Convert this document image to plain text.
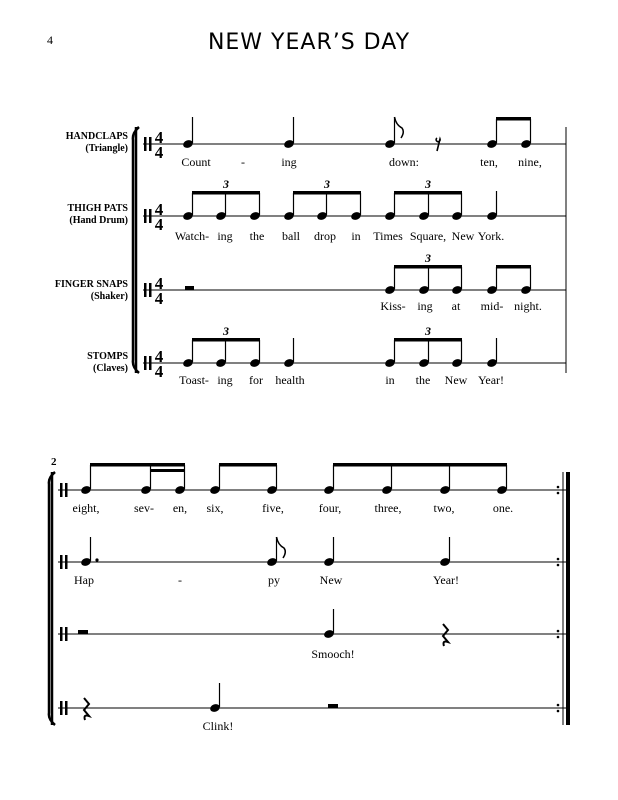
4	NEW YEAR’S DAY
HANDCLAPS
(Triangle)
THIGH PATS
(Hand Drum)
FINGER SNAPS
(Shaker)
STOMPS
(Claves)
4
4
4
4
4
4
4
4
Count	-	ing	down:	ten, nine,
3	3	3
Watch- ing the ball drop in Times Square, New York.
3
Kiss- ing at mid- night.
3	3
Toast- ing for health	in the New Year!
2
eight,	sev- en, six,	five,	four,	three,	two,	one.
Hap	-	py	New	Year!
Smooch!
Clink!
